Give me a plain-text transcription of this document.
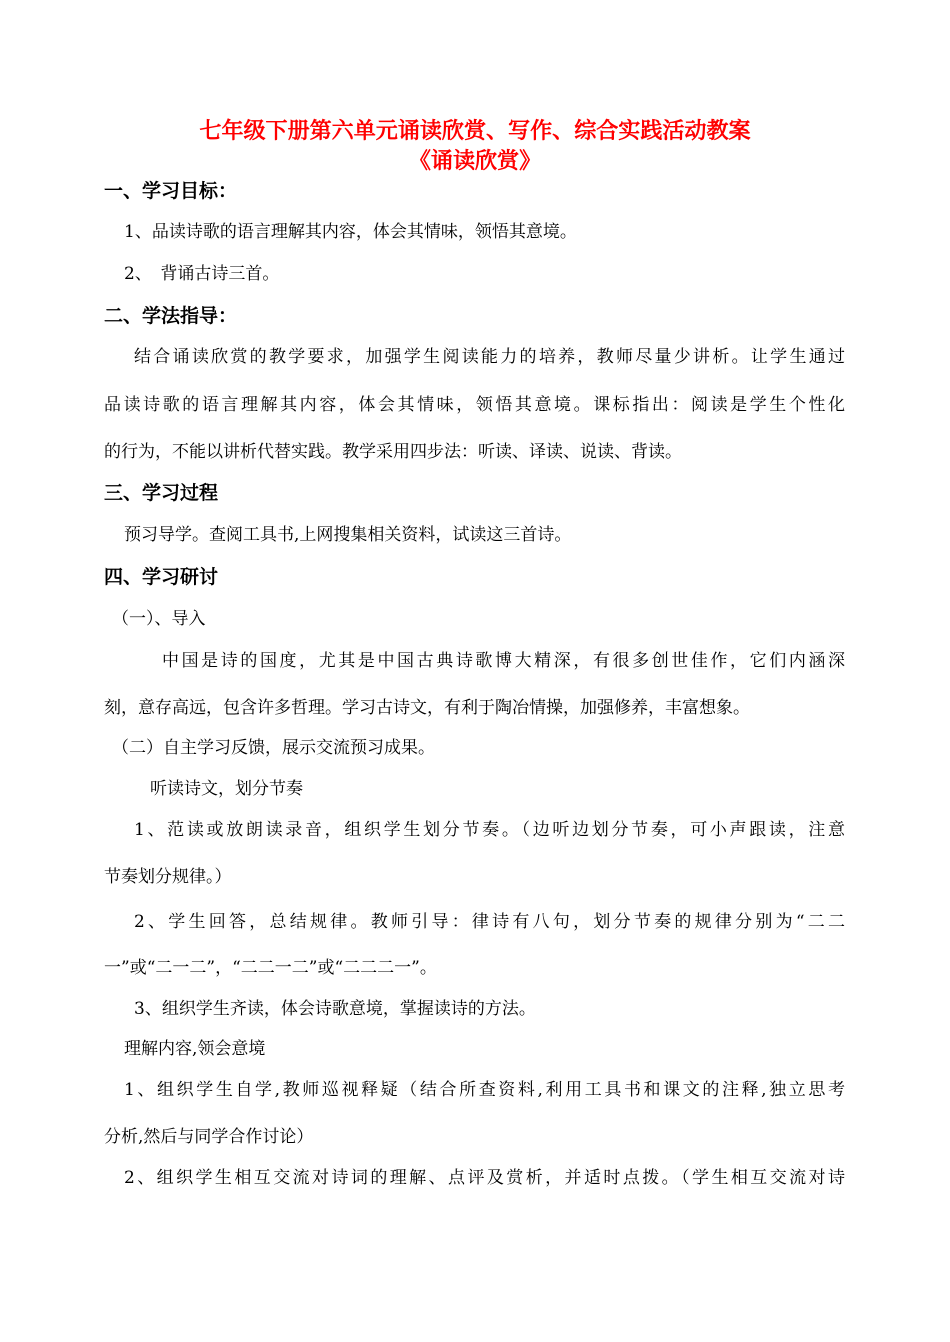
七年级下册第六单元诵读欣赏、写作、综合实践活动教案
《诵读欣赏》
一、学习目标：
1、品读诗歌的语言理解其内容，体会其情味，领悟其意境。
2、　背诵古诗三首。
二、学法指导：
结合诵读欣赏的教学要求，加强学生阅读能力的培养，教师尽量少讲析。让学生通过
品读诗歌的语言理解其内容，体会其情味，领悟其意境。课标指出：阅读是学生个性化
的行为，不能以讲析代替实践。教学采用四步法：听读、译读、说读、背读。
三、学习过程
预习导学。查阅工具书,上网搜集相关资料，试读这三首诗。
四、学习研讨
（一）、导入
中国是诗的国度，尤其是中国古典诗歌博大精深，有很多创世佳作，它们内涵深
刻，意存高远，包含许多哲理。学习古诗文，有利于陶冶情操，加强修养，丰富想象。
（二）自主学习反馈，展示交流预习成果。
听读诗文，划分节奏
1、范读或放朗读录音，组织学生划分节奏。（边听边划分节奏，可小声跟读，注意
节奏划分规律。）
2、学生回答，总结规律。教师引导：律诗有八句，划分节奏的规律分别为“二二
一”或“二一二”，“二二一二”或“二二二一”。
3、组织学生齐读，体会诗歌意境，掌握读诗的方法。
理解内容,领会意境
1、组织学生自学,教师巡视释疑（结合所查资料,利用工具书和课文的注释,独立思考
分析,然后与同学合作讨论）
2、组织学生相互交流对诗词的理解、点评及赏析，并适时点拨。（学生相互交流对诗
